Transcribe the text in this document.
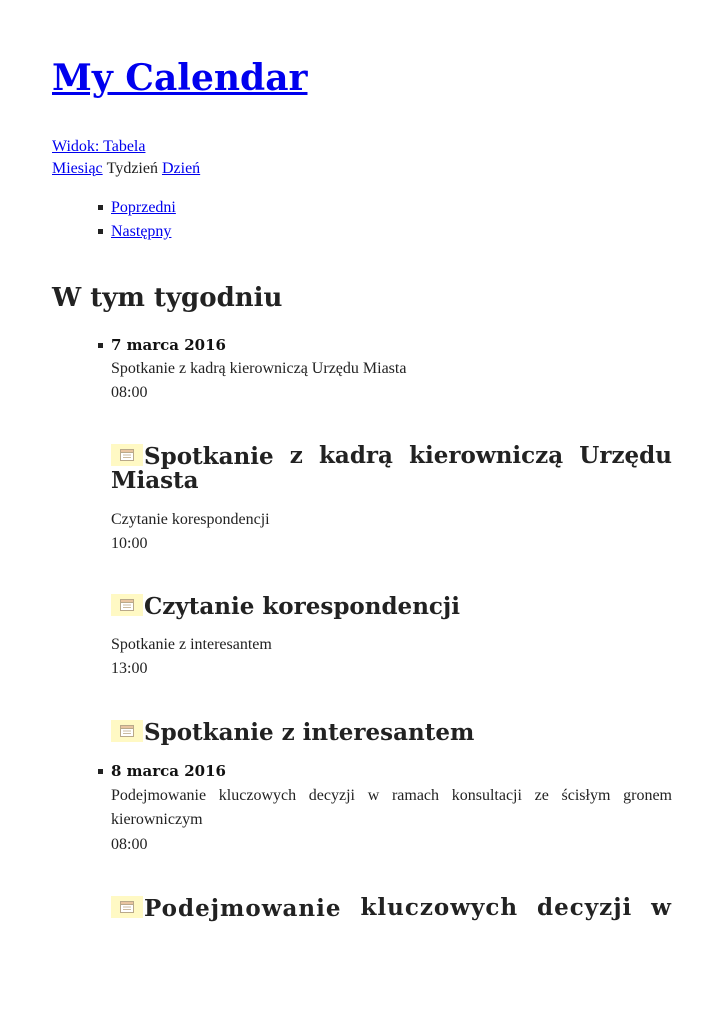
My Calendar
Widok: Tabela
Miesiąc Tydzień Dzień
Poprzedni
Następny
W tym tygodniu
7 marca 2016
Spotkanie z kadrą kierowniczą Urzędu Miasta
08:00
Spotkanie z kadrą kierowniczą Urzędu
Miasta
Czytanie korespondencji
10:00
Czytanie korespondencji
Spotkanie z interesantem
13:00
Spotkanie z interesantem
8 marca 2016
Podejmowanie kluczowych decyzji w ramach konsultacji ze ścisłym gronem kierowniczym
08:00
Podejmowanie kluczowych decyzji w
